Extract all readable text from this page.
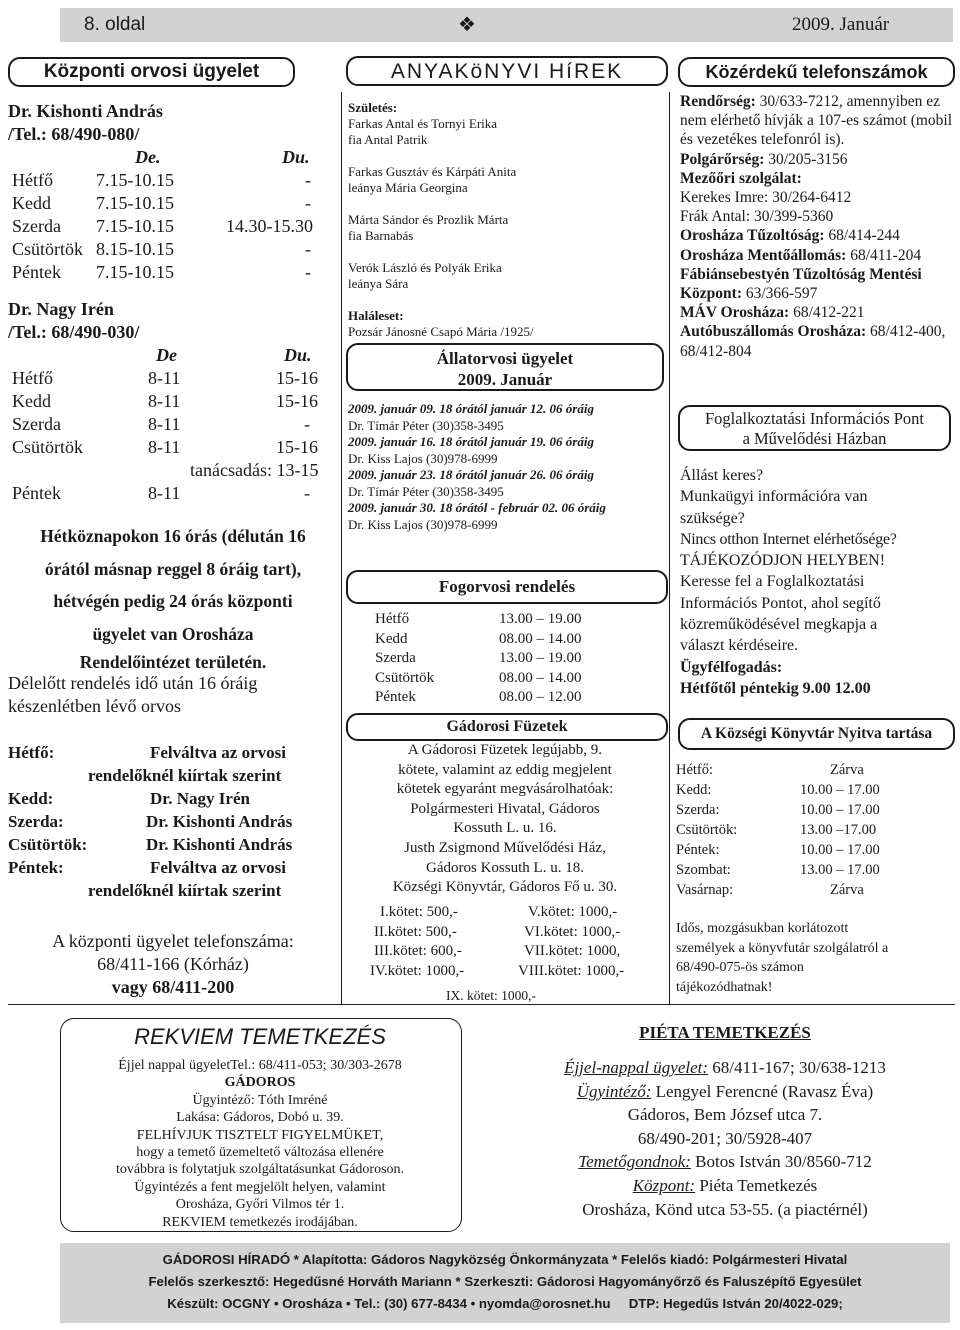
8. oldal	❖	2009. Január
Központi orvosi ügyelet
Dr. Kishonti András
/Tel.: 68/490-080/
De.	Du.
Hétfő 7.15-10.15	-
Kedd	7.15-10.15	-
Szerda 7.15-10.15	14.30-15.30
Csütörtök 8.15-10.15	-
Péntek 7.15-10.15	-
Dr. Nagy Irén
/Tel.: 68/490-030/
De	Du.
Hétfő	8-11	15-16
Kedd	8-11	15-16
Szerda	8-11	-
Csütörtök	8-11	15-16
tanácsadás: 13-15
Péntek	8-11	-
Hétköznapokon 16 órás (délután 16
órától másnap reggel 8 óráig tart),
hétvégén pedig 24 órás központi
ügyelet van Orosháza
Rendelőintézet területén.
Délelőtt rendelés idő után 16 óráig
készenlétben lévő orvos
Hétfő:	Felváltva az orvosi
rendelőknél kiírtak szerint
Kedd:	Dr. Nagy Irén
Szerda:	Dr. Kishonti András
Csütörtök:	Dr. Kishonti András
Péntek:	Felváltva az orvosi
rendelőknél kiírtak szerint
A központi ügyelet telefonszáma:
68/411-166 (Kórház)
vagy 68/411-200
ANYAKöNYVI HíREK
Születés:
Farkas Antal és Tornyi Erika
fia Antal Patrik
Farkas Gusztáv és Kárpáti Anita
leánya Mária Georgina
Márta Sándor és Prozlik Márta
fia Barnabás
Verók László és Polyák Erika
leánya Sára
Haláleset:
Pozsár Jánosné Csapó Mária /1925/
Állatorvosi ügyelet
2009. Január
2009. január 09. 18 órától január 12. 06 óráig
Dr. Tímár Péter (30)358-3495
2009. január 16. 18 órától január 19. 06 óráig
Dr. Kiss Lajos (30)978-6999
2009. január 23. 18 órától január 26. 06 óráig
Dr. Tímár Péter (30)358-3495
2009. január 30. 18 órától - február 02. 06 óráig
Dr. Kiss Lajos (30)978-6999
Fogorvosi rendelés
Hétfő	13.00 – 19.00
Kedd	08.00 – 14.00
Szerda	13.00 – 19.00
Csütörtök	08.00 – 14.00
Péntek	08.00 – 12.00
Gádorosi Füzetek
A Gádorosi Füzetek legújabb, 9.
kötete, valamint az eddig megjelent
kötetek egyaránt megvásárolhatóak:
Polgármesteri Hivatal, Gádoros
Kossuth L. u. 16.
Justh Zsigmond Művelődési Ház,
Gádoros Kossuth L. u. 18.
Községi Könyvtár, Gádoros Fő u. 30.
I.kötet: 500,-	V.kötet: 1000,-
II.kötet: 500,-	VI.kötet: 1000,-
III.kötet: 600,-	VII.kötet: 1000,
IV.kötet: 1000,-	VIII.kötet: 1000,-
IX. kötet: 1000,-
Közérdekű telefonszámok
Rendőrség: 30/633-7212, amennyiben ez nem elérhető hívják a 107-es számot (mobil és vezetékes telefonról is).
Polgárőrség: 30/205-3156
Mezőőri szolgálat:
Kerekes Imre: 30/264-6412
Frák Antal: 30/399-5360
Orosháza Tűzoltóság: 68/414-244
Orosháza Mentőállomás: 68/411-204
Fábiánsebestyén Tűzoltóság Mentési Központ: 63/366-597
MÁV Orosháza: 68/412-221
Autóbuszállomás Orosháza: 68/412-400, 68/412-804
Foglalkoztatási Információs Pont
a Művelődési Házban
Állást keres?
Munkaügyi információra van
szüksége?
Nincs otthon Internet elérhetősége?
TÁJÉKOZÓDJON HELYBEN!
Keresse fel a Foglalkoztatási
Információs Pontot, ahol segítő
közreműködésével megkapja a
választ kérdéseire.
Ügyfélfogadás:
Hétfőtől péntekig 9.00 12.00
A Községi Könyvtár Nyitva tartása
Hétfő:	Zárva
Kedd:	10.00 – 17.00
Szerda:	10.00 – 17.00
Csütörtök:	13.00 –17.00
Péntek:	10.00 – 17.00
Szombat:	13.00 – 17.00
Vasárnap:	Zárva
Idős, mozgásukban korlátozott
személyek a könyvfutár szolgálatról a
68/490-075-ös számon
tájékozódhatnak!
REKVIEM TEMETKEZÉS
Éjjel nappal ügyeletTel.: 68/411-053; 30/303-2678
GÁDOROS
Ügyintéző: Tóth Imréné
Lakása: Gádoros, Dobó u. 39.
FELHÍVJUK TISZTELT FIGYELMÜKET,
hogy a temető üzemeltető változása ellenére
továbbra is folytatjuk szolgáltatásunkat Gádoroson.
Ügyintézés a fent megjelölt helyen, valamint
Orosháza, Győri Vilmos tér 1.
REKVIEM temetkezés irodájában.
PIÉTA TEMETKEZÉS
Éjjel-nappal ügyelet: 68/411-167; 30/638-1213
Ügyintéző: Lengyel Ferencné (Ravasz Éva)
Gádoros, Bem József utca 7.
68/490-201; 30/5928-407
Temetőgondnok: Botos István 30/8560-712
Központ: Piéta Temetkezés
Orosháza, Könd utca 53-55. (a piactérnél)
GÁDOROSI HÍRADÓ * Alapította: Gádoros Nagyközség Önkormányzata * Felelős kiadó: Polgármesteri Hivatal
Felelős szerkesztő: Hegedűsné Horváth Mariann * Szerkeszti: Gádorosi Hagyományőrző és Faluszépítő Egyesület
Készült: OCGNY • Orosháza • Tel.: (30) 677-8434 • nyomda@orosnet.hu DTP: Hegedűs István 20/4022-029;
